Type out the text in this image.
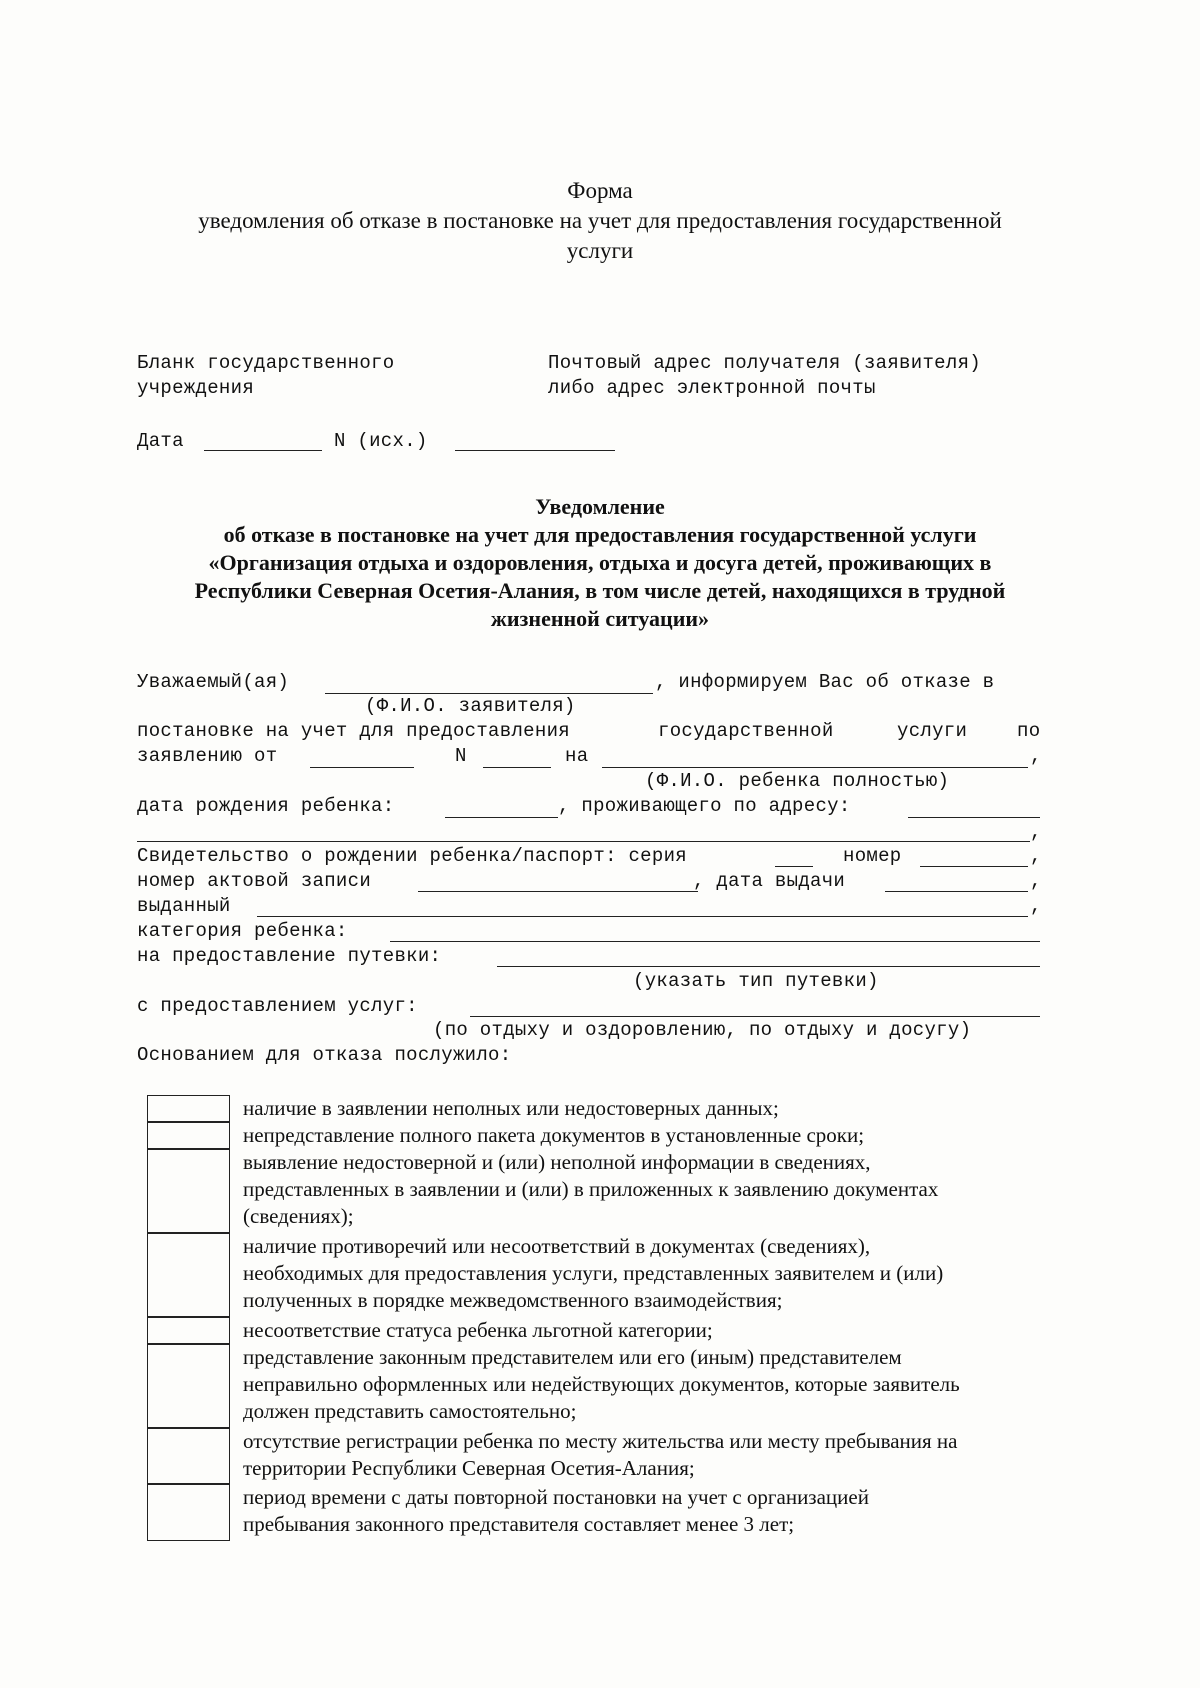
Форма
уведомления об отказе в постановке на учет для предоставления государственной
услуги
Бланк государственного
учреждения
Почтовый адрес получателя (заявителя)
либо адрес электронной почты
Дата	N (исх.)
Уведомление
об отказе в постановке на учет для предоставления государственной услуги
«Организация отдыха и оздоровления, отдыха и досуга детей, проживающих в
Республики Северная Осетия-Алания, в том числе детей, находящихся в трудной
жизненной ситуации»
Уважаемый(ая)	, информируем Вас об отказе в
(Ф.И.О. заявителя)
постановке на учет для предоставления	государственной	услуги	по
заявлению от	N	на	,
(Ф.И.О. ребенка полностью)
дата рождения ребенка:	, проживающего по адресу:
,
Свидетельство о рождении ребенка/паспорт: серия	номер	,
номер актовой записи	, дата выдачи	,
выданный	,
категория ребенка:
на предоставление путевки:
(указать тип путевки)
с предоставлением услуг:
(по отдыху и оздоровлению, по отдыху и досугу)
Основанием для отказа послужило:
наличие в заявлении неполных или недостоверных данных;
непредставление полного пакета документов в установленные сроки;
выявление недостоверной и (или) неполной информации в сведениях,
представленных в заявлении и (или) в приложенных к заявлению документах
(сведениях);
наличие противоречий или несоответствий в документах (сведениях),
необходимых для предоставления услуги, представленных заявителем и (или)
полученных в порядке межведомственного взаимодействия;
несоответствие статуса ребенка льготной категории;
представление законным представителем или его (иным) представителем
неправильно оформленных или недействующих документов, которые заявитель
должен представить самостоятельно;
отсутствие регистрации ребенка по месту жительства или месту пребывания на
территории Республики Северная Осетия-Алания;
период времени с даты повторной постановки на учет с организацией
пребывания законного представителя составляет менее 3 лет;
